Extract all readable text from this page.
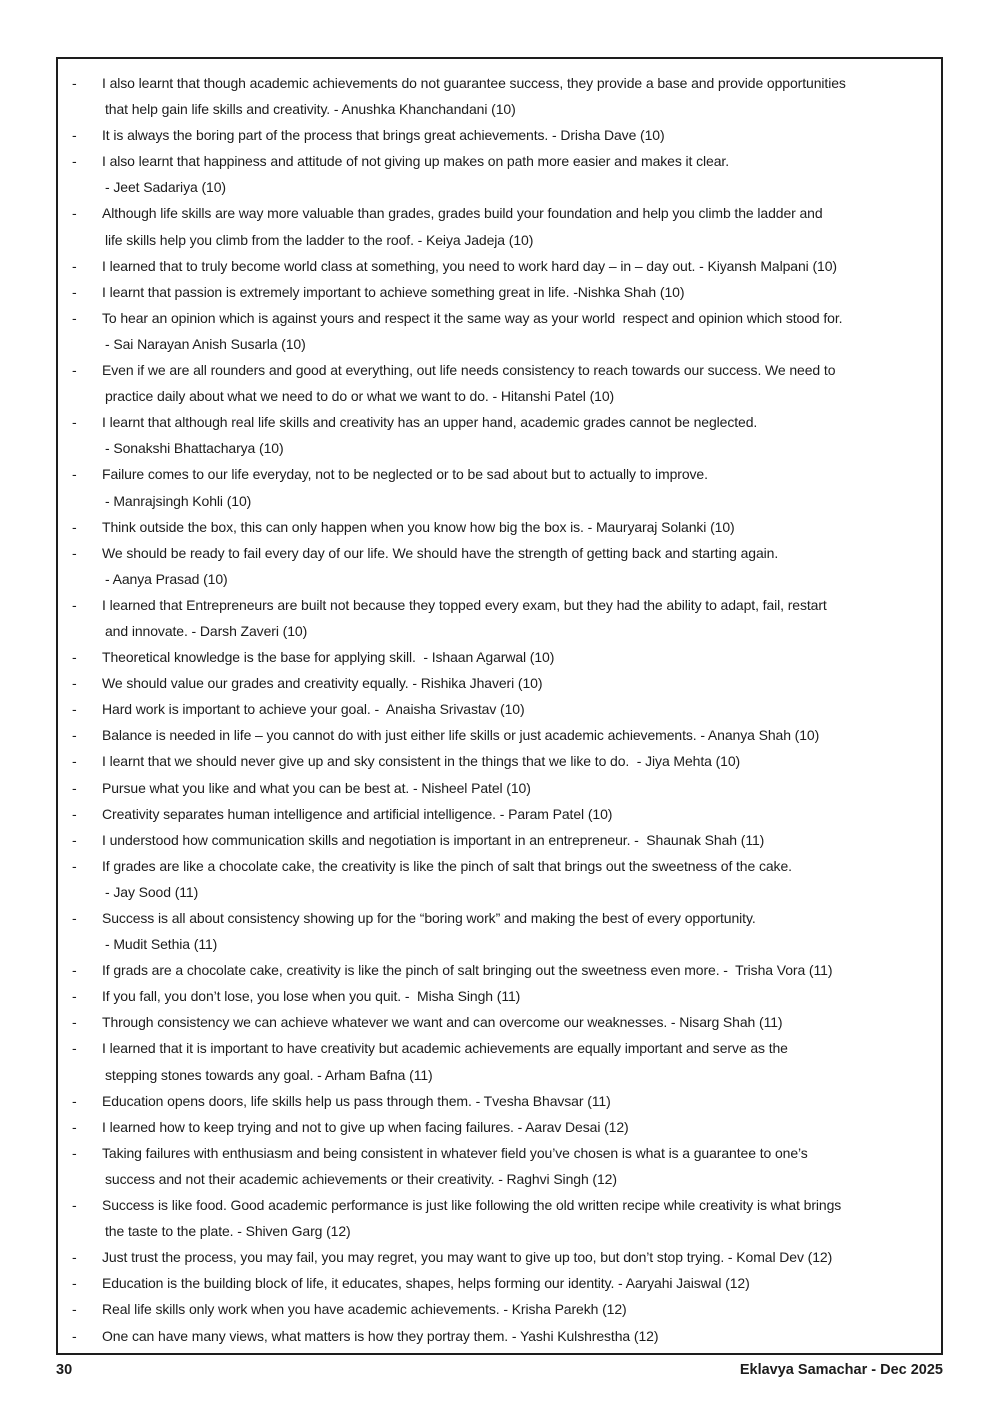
- I also learnt that though academic achievements do not guarantee success, they provide a base and provide opportunities
that help gain life skills and creativity. - Anushka Khanchandani (10)
- It is always the boring part of the process that brings great achievements. - Drisha Dave (10)
- I also learnt that happiness and attitude of not giving up makes on path more easier and makes it clear.
- Jeet Sadariya (10)
- Although life skills are way more valuable than grades, grades build your foundation and help you climb the ladder and
life skills help you climb from the ladder to the roof. - Keiya Jadeja (10)
- I learned that to truly become world class at something, you need to work hard day – in – day out. - Kiyansh Malpani (10)
- I learnt that passion is extremely important to achieve something great in life. -Nishka Shah (10)
- To hear an opinion which is against yours and respect it the same way as your world  respect and opinion which stood for.
- Sai Narayan Anish Susarla (10)
- Even if we are all rounders and good at everything, out life needs consistency to reach towards our success. We need to
practice daily about what we need to do or what we want to do. - Hitanshi Patel (10)
- I learnt that although real life skills and creativity has an upper hand, academic grades cannot be neglected.
- Sonakshi Bhattacharya (10)
- Failure comes to our life everyday, not to be neglected or to be sad about but to actually to improve.
- Manrajsingh Kohli (10)
- Think outside the box, this can only happen when you know how big the box is. - Mauryaraj Solanki (10)
- We should be ready to fail every day of our life. We should have the strength of getting back and starting again.
- Aanya Prasad (10)
- I learned that Entrepreneurs are built not because they topped every exam, but they had the ability to adapt, fail, restart
and innovate. - Darsh Zaveri (10)
- Theoretical knowledge is the base for applying skill.  - Ishaan Agarwal (10)
- We should value our grades and creativity equally. - Rishika Jhaveri (10)
- Hard work is important to achieve your goal. -  Anaisha Srivastav (10)
- Balance is needed in life – you cannot do with just either life skills or just academic achievements. - Ananya Shah (10)
- I learnt that we should never give up and sky consistent in the things that we like to do.  - Jiya Mehta (10)
- Pursue what you like and what you can be best at. - Nisheel Patel (10)
- Creativity separates human intelligence and artificial intelligence. - Param Patel (10)
- I understood how communication skills and negotiation is important in an entrepreneur. -  Shaunak Shah (11)
- If grades are like a chocolate cake, the creativity is like the pinch of salt that brings out the sweetness of the cake.
- Jay Sood (11)
- Success is all about consistency showing up for the “boring work” and making the best of every opportunity.
- Mudit Sethia (11)
- If grads are a chocolate cake, creativity is like the pinch of salt bringing out the sweetness even more. -  Trisha Vora (11)
- If you fall, you don’t lose, you lose when you quit. -  Misha Singh (11)
- Through consistency we can achieve whatever we want and can overcome our weaknesses. - Nisarg Shah (11)
- I learned that it is important to have creativity but academic achievements are equally important and serve as the
stepping stones towards any goal. - Arham Bafna (11)
- Education opens doors, life skills help us pass through them. - Tvesha Bhavsar (11)
- I learned how to keep trying and not to give up when facing failures. - Aarav Desai (12)
- Taking failures with enthusiasm and being consistent in whatever field you’ve chosen is what is a guarantee to one’s
success and not their academic achievements or their creativity. - Raghvi Singh (12)
- Success is like food. Good academic performance is just like following the old written recipe while creativity is what brings
the taste to the plate. - Shiven Garg (12)
- Just trust the process, you may fail, you may regret, you may want to give up too, but don’t stop trying. - Komal Dev (12)
- Education is the building block of life, it educates, shapes, helps forming our identity. - Aaryahi Jaiswal (12)
- Real life skills only work when you have academic achievements. - Krisha Parekh (12)
- One can have many views, what matters is how they portray them. - Yashi Kulshrestha (12)
30	Eklavya Samachar - Dec 2025
